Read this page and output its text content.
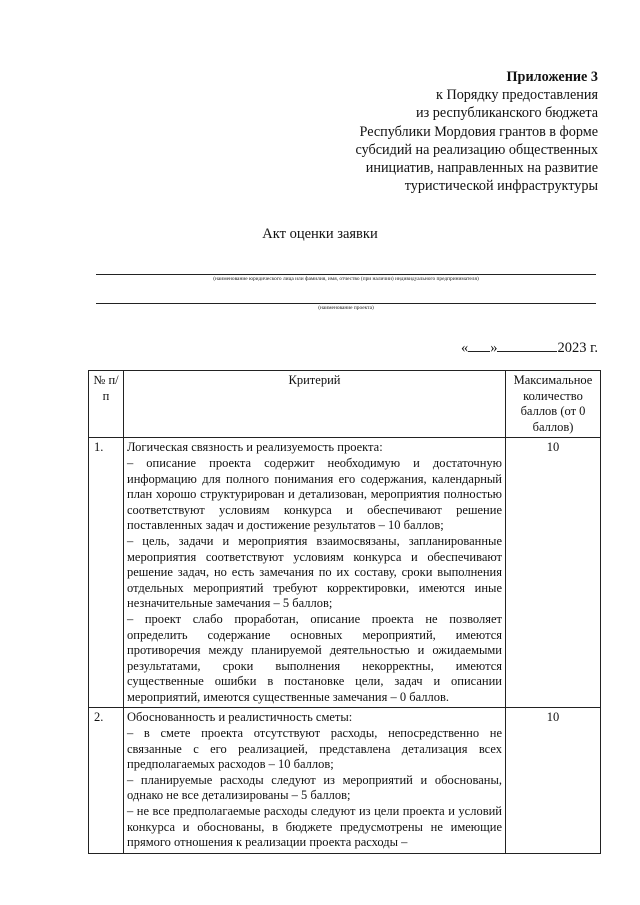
Приложение 3
к Порядку предоставления
из республиканского бюджета
Республики Мордовия грантов в форме
субсидий на реализацию общественных
инициатив, направленных на развитие
туристической инфраструктуры
Акт оценки заявки
(наименование юридического лица или фамилия, имя, отчество (при наличии) индивидуального предпринимателя)
(наименование проекта)
« »	2023 г.
№ п/п	Критерий	Максимальное количество баллов (от 0 баллов)
1.	Логическая связность и реализуемость проекта:
– описание проекта содержит необходимую и достаточную информацию для полного понимания его содержания, календарный план хорошо структурирован и детализован, мероприятия полностью соответствуют условиям конкурса и обеспечивают решение поставленных задач и достижение результатов – 10 баллов;
– цель, задачи и мероприятия взаимосвязаны, запланированные мероприятия соответствуют условиям конкурса и обеспечивают решение задач, но есть замечания по их составу, сроки выполнения отдельных мероприятий требуют корректировки, имеются иные незначительные замечания – 5 баллов;
– проект слабо проработан, описание проекта не позволяет определить содержание основных мероприятий, имеются противоречия между планируемой деятельностью и ожидаемыми результатами, сроки выполнения некорректны, имеются существенные ошибки в постановке цели, задач и описании мероприятий, имеются существенные замечания – 0 баллов.	10
2.	Обоснованность и реалистичность сметы:
– в смете проекта отсутствуют расходы, непосредственно не связанные с его реализацией, представлена детализация всех предполагаемых расходов – 10 баллов;
– планируемые расходы следуют из мероприятий и обоснованы, однако не все детализированы – 5 баллов;
– не все предполагаемые расходы следуют из цели проекта и условий конкурса и обоснованы, в бюджете предусмотрены не имеющие прямого отношения к реализации проекта расходы –	10
